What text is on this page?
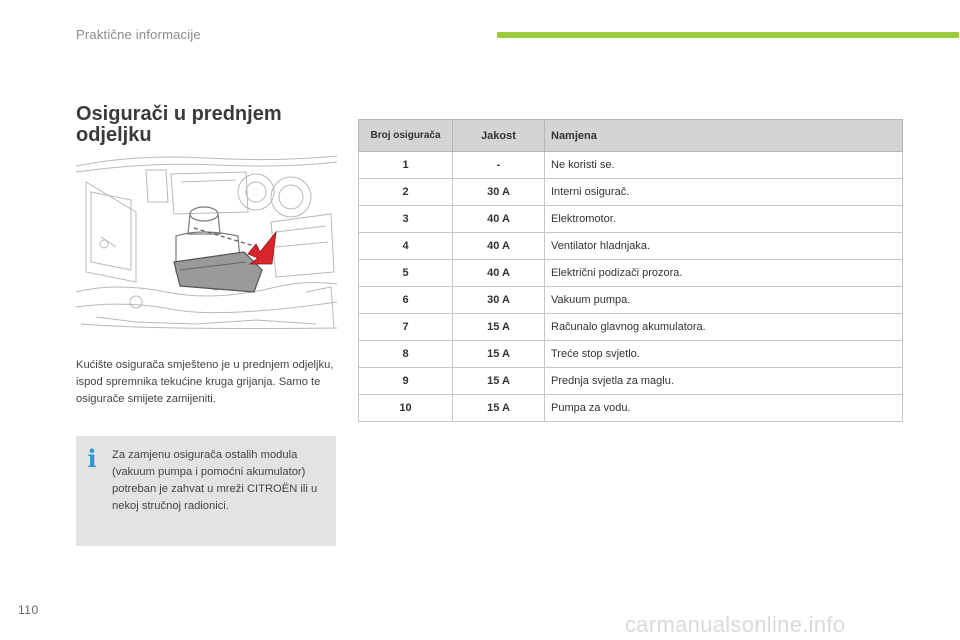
Praktične informacije
Osigurači u prednjem odjeljku
Kućište osigurača smješteno je u prednjem odjeljku, ispod spremnika tekućine kruga grijanja. Samo te osigurače smijete zamijeniti.
i Za zamjenu osigurača ostalih modula (vakuum pumpa i pomoćni akumulator) potreban je zahvat u mreži CITROËN ili u nekoj stručnoj radionici.
Broj osigurača	Jakost	Namjena
1	-	Ne koristi se.
2	30 A	Interni osigurač.
3	40 A	Elektromotor.
4	40 A	Ventilator hladnjaka.
5	40 A	Električni podizači prozora.
6	30 A	Vakuum pumpa.
7	15 A	Računalo glavnog akumulatora.
8	15 A	Treće stop svjetlo.
9	15 A	Prednja svjetla za maglu.
10	15 A	Pumpa za vodu.
110
carmanualsonline.info
